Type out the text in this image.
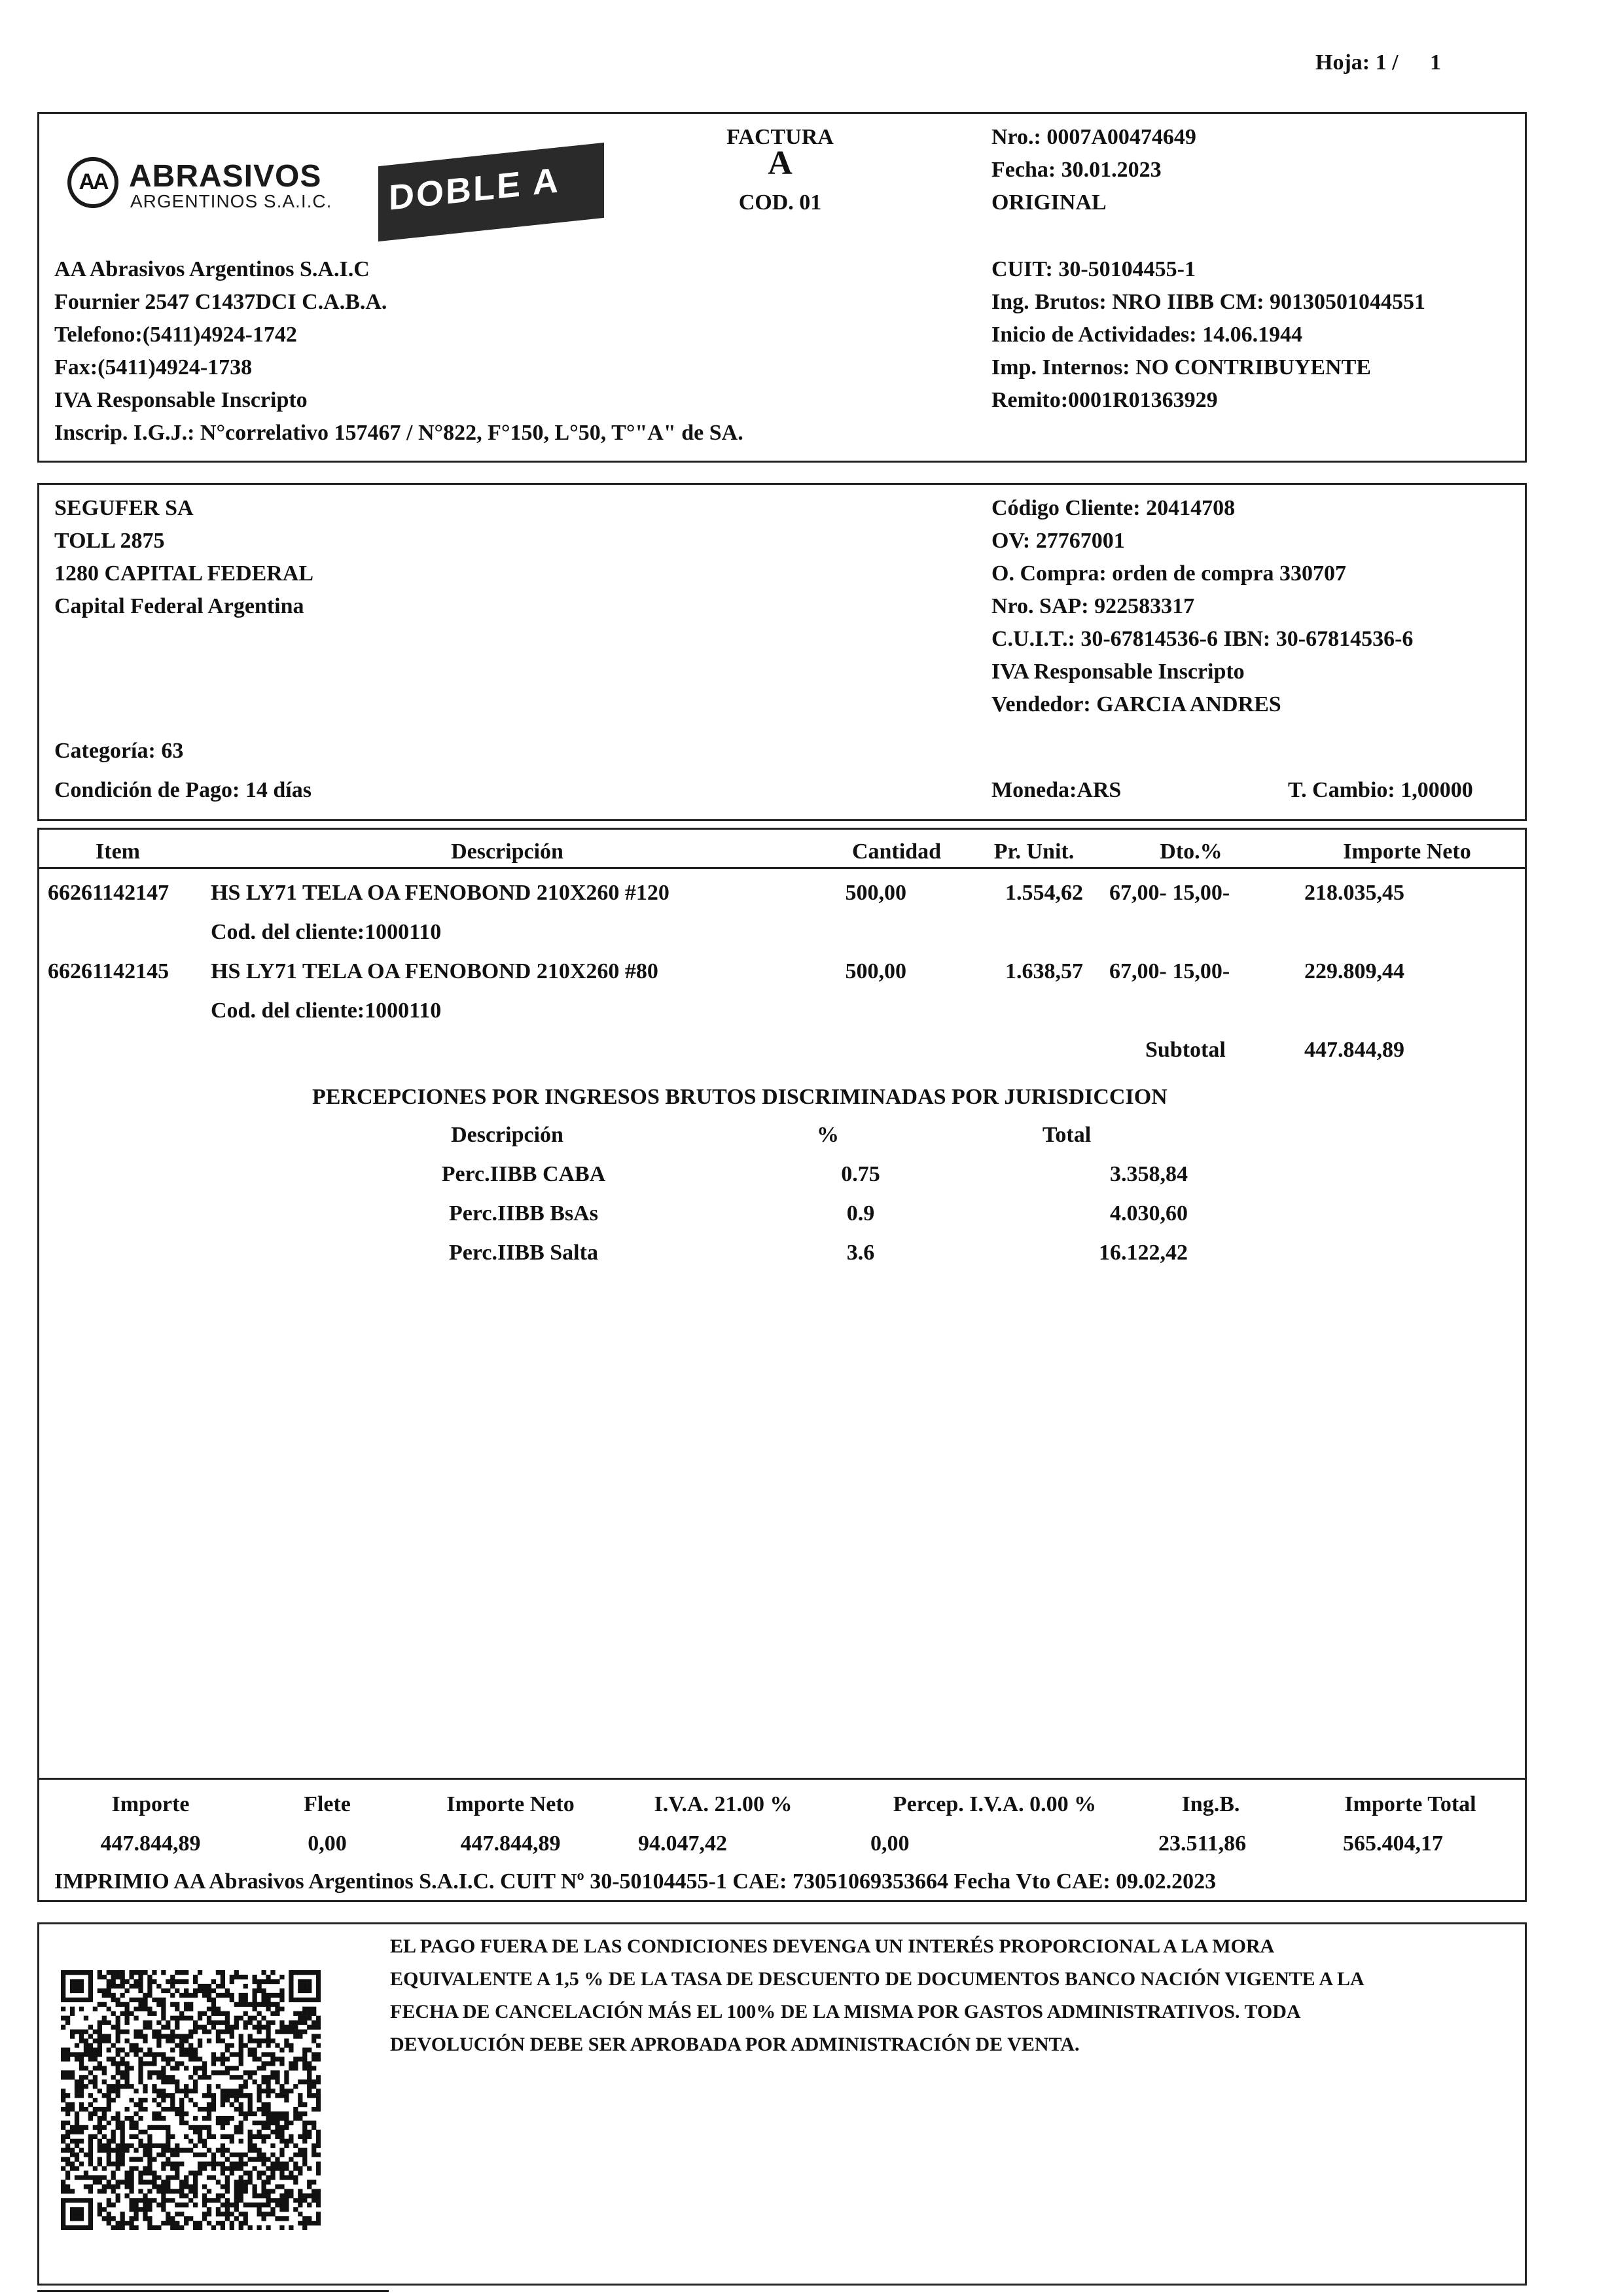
Hoja: 1 / 1
AA ABRASIVOS
ARGENTINOS S.A.I.C. DOBLE A
FACTURA
A
COD. 01
Nro.: 0007A00474649
Fecha: 30.01.2023
ORIGINAL
AA Abrasivos Argentinos S.A.I.C
Fournier 2547 C1437DCI C.A.B.A.
Telefono:(5411)4924-1742
Fax:(5411)4924-1738
IVA Responsable Inscripto
Inscrip. I.G.J.: N°correlativo 157467 / N°822, F°150, L°50, T°"A" de SA.
CUIT: 30-50104455-1
Ing. Brutos: NRO IIBB CM: 90130501044551
Inicio de Actividades: 14.06.1944
Imp. Internos: NO CONTRIBUYENTE
Remito:0001R01363929
SEGUFER SA
TOLL 2875
1280 CAPITAL FEDERAL
Capital Federal Argentina
Código Cliente: 20414708
OV: 27767001
O. Compra: orden de compra 330707
Nro. SAP: 922583317
C.U.I.T.: 30-67814536-6 IBN: 30-67814536-6
IVA Responsable Inscripto
Vendedor: GARCIA ANDRES
Categoría: 63
Condición de Pago: 14 días	Moneda:ARS	T. Cambio: 1,00000
Item	Descripción	Cantidad	Pr. Unit.	Dto.%	Importe Neto
66261142147 HS LY71 TELA OA FENOBOND 210X260 #120	500,00	1.554,62 67,00- 15,00-	218.035,45
Cod. del cliente:1000110
66261142145 HS LY71 TELA OA FENOBOND 210X260 #80	500,00	1.638,57 67,00- 15,00-	229.809,44
Cod. del cliente:1000110
Subtotal	447.844,89
PERCEPCIONES POR INGRESOS BRUTOS DISCRIMINADAS POR JURISDICCION
Descripción	%	Total
Perc.IIBB CABA	0.75	3.358,84
Perc.IIBB BsAs	0.9	4.030,60
Perc.IIBB Salta	3.6	16.122,42
Importe	Flete	Importe Neto	I.V.A. 21.00 %	Percep. I.V.A. 0.00 %	Ing.B.	Importe Total
447.844,89	0,00	447.844,89	94.047,42	0,00	23.511,86	565.404,17
IMPRIMIO AA Abrasivos Argentinos S.A.I.C. CUIT Nº 30-50104455-1 CAE: 73051069353664 Fecha Vto CAE: 09.02.2023
EL PAGO FUERA DE LAS CONDICIONES DEVENGA UN INTERÉS PROPORCIONAL A LA MORA
EQUIVALENTE A 1,5 % DE LA TASA DE DESCUENTO DE DOCUMENTOS BANCO NACIÓN VIGENTE A LA
FECHA DE CANCELACIÓN MÁS EL 100% DE LA MISMA POR GASTOS ADMINISTRATIVOS. TODA
DEVOLUCIÓN DEBE SER APROBADA POR ADMINISTRACIÓN DE VENTA.
